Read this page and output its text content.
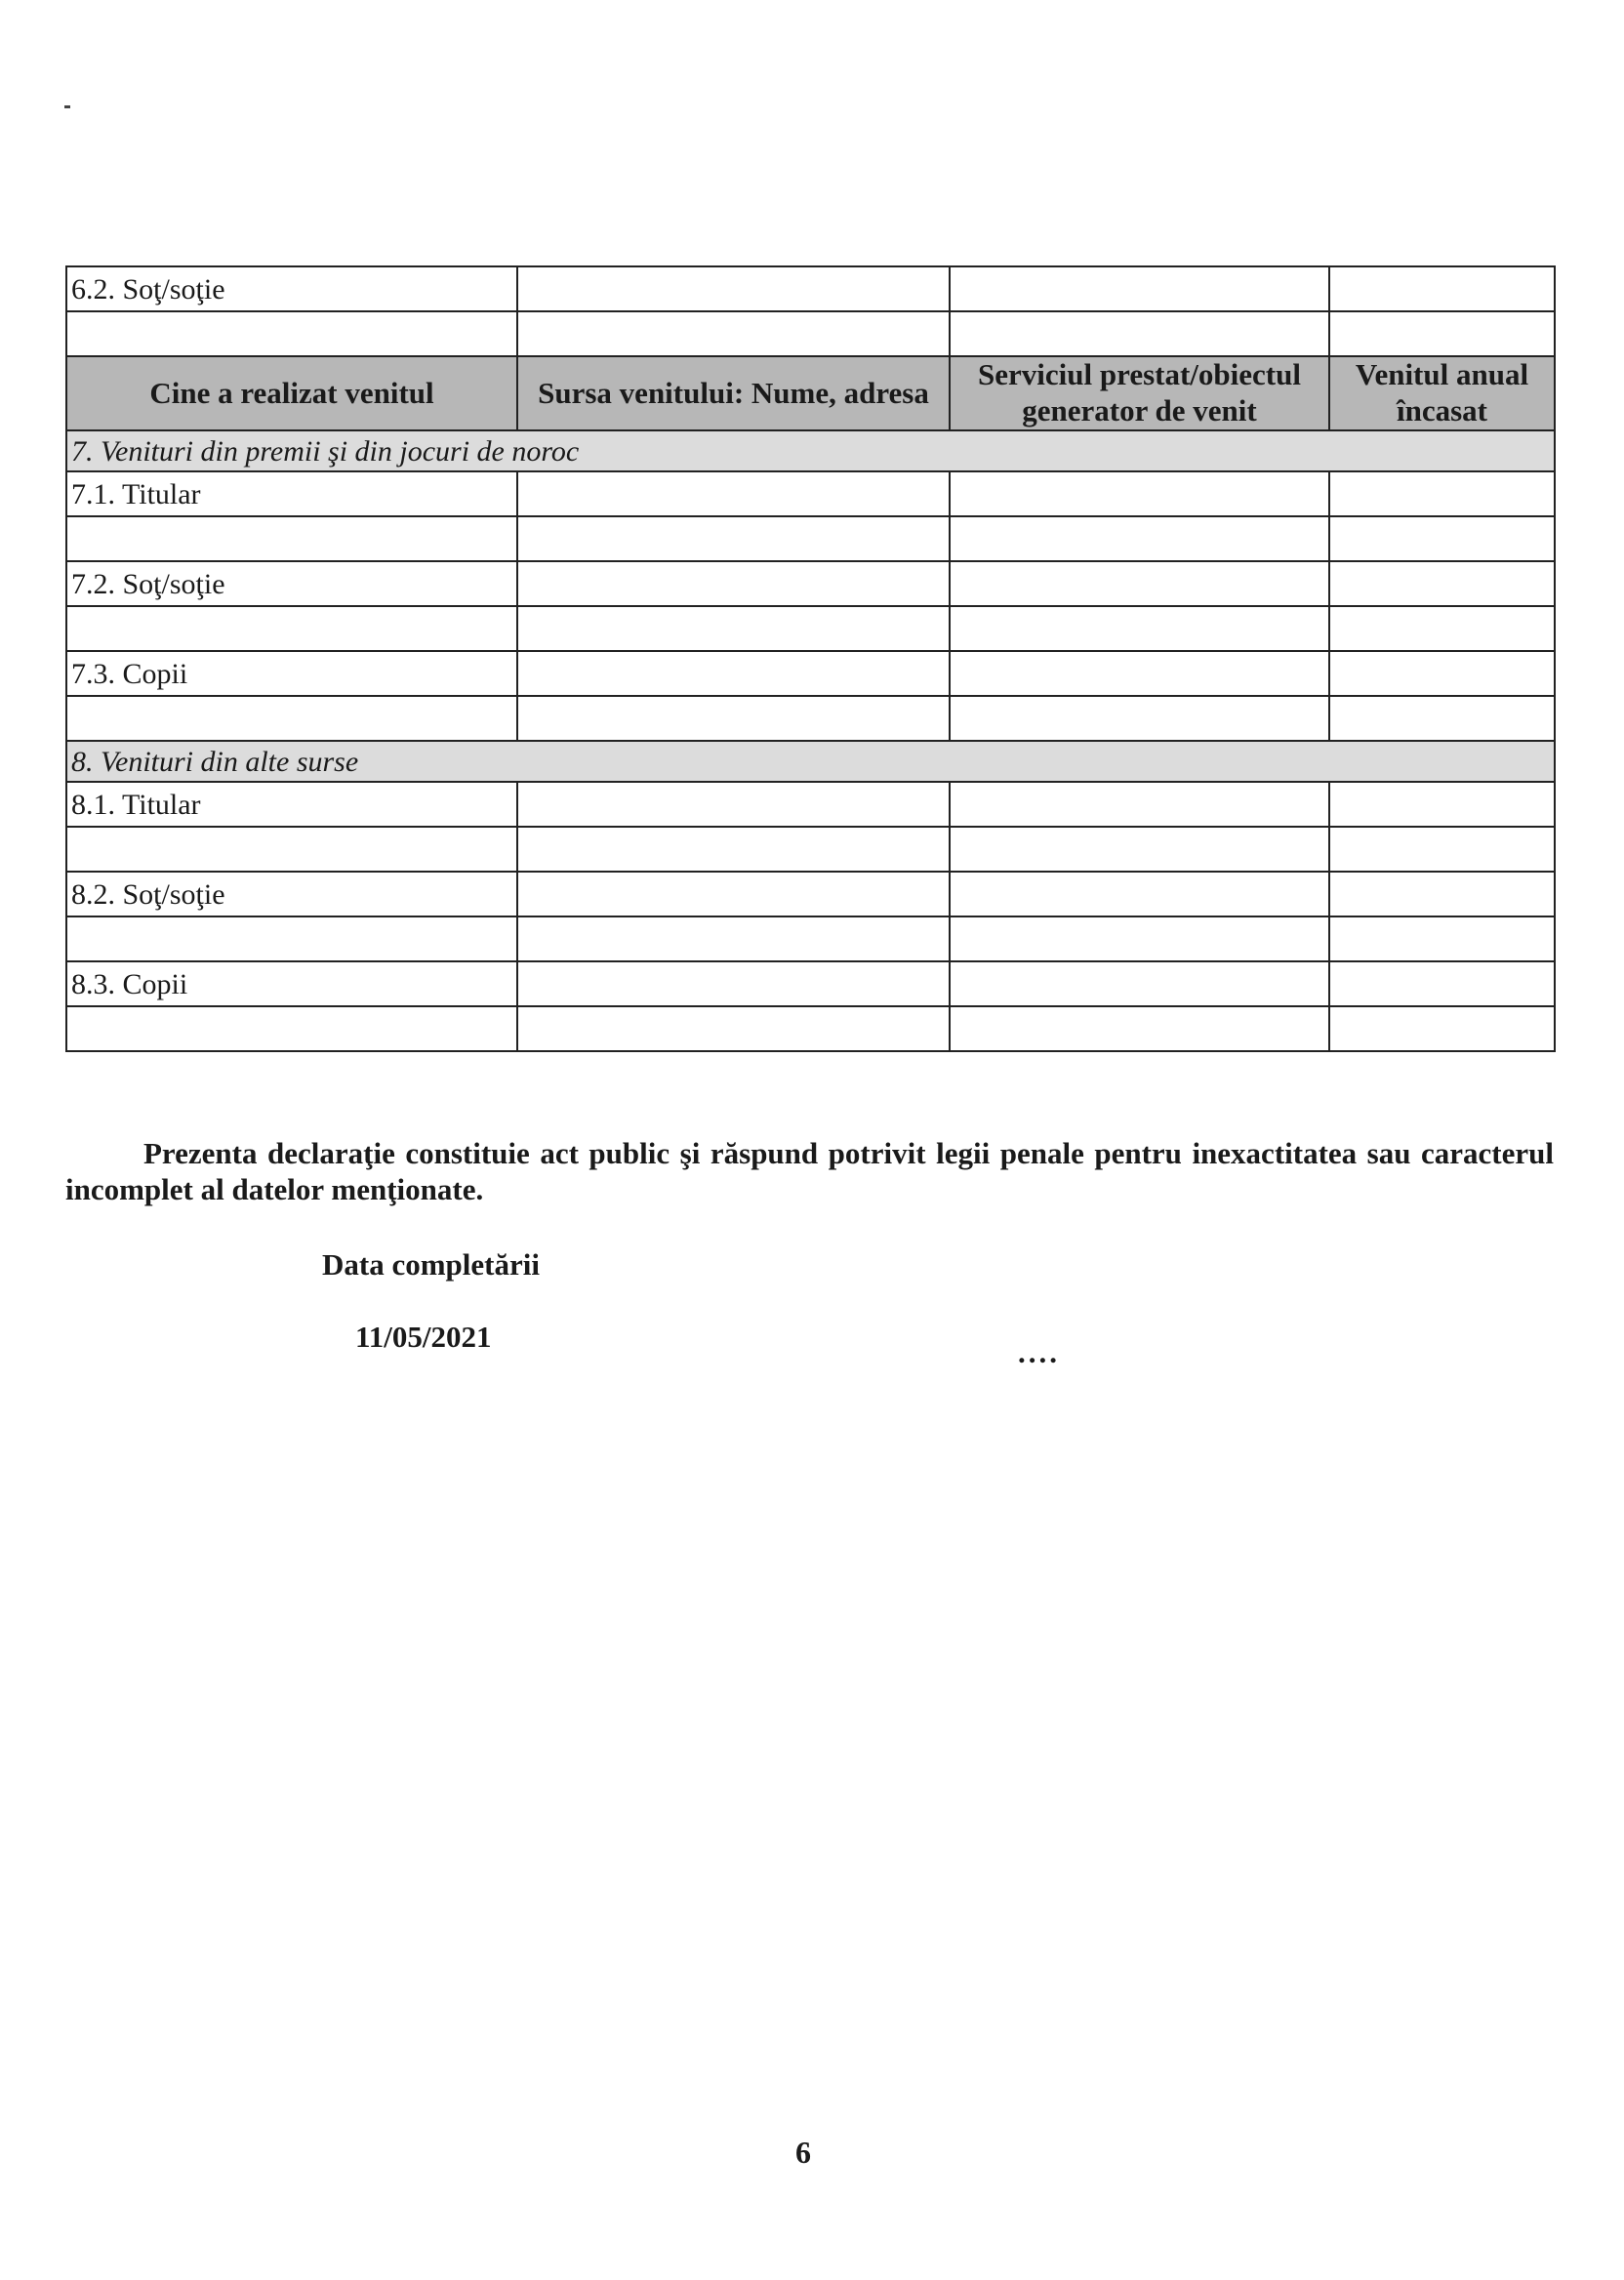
6.2. Soţ/soţie			

Cine a realizat venitul	Sursa venitului: Nume, adresa	Serviciul prestat/obiectul generator de venit	Venitul anual încasat
7. Venituri din premii şi din jocuri de noroc			
7.1. Titular			

7.2. Soţ/soţie			

7.3. Copii			

8. Venituri din alte surse			
8.1. Titular			

8.2. Soţ/soţie			

8.3. Copii			

Prezenta declaraţie constituie act public şi răspund potrivit legii penale pentru inexactitatea sau caracterul incomplet al datelor menţionate.

Data completării
11/05/2021	....
6
